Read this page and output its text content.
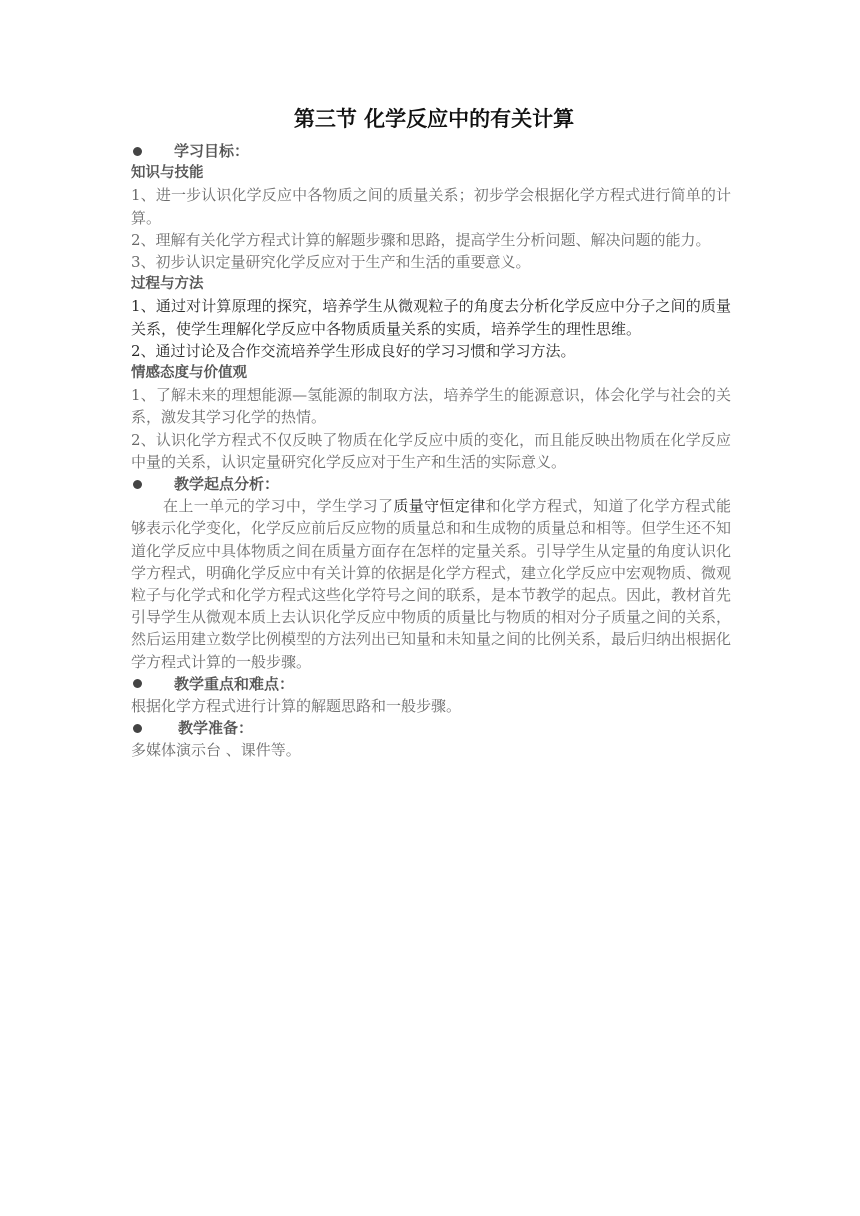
第三节 化学反应中的有关计算
学习目标：
知识与技能

1、进一步认识化学反应中各物质之间的质量关系；初步学会根据化学方程式进行简单的计算。

2、理解有关化学方程式计算的解题步骤和思路，提高学生分析问题、解决问题的能力。

3、初步认识定量研究化学反应对于生产和生活的重要意义。

过程与方法

1、通过对计算原理的探究，培养学生从微观粒子的角度去分析化学反应中分子之间的质量关系，使学生理解化学反应中各物质质量关系的实质，培养学生的理性思维。

2、通过讨论及合作交流培养学生形成良好的学习习惯和学习方法。

情感态度与价值观

1、了解未来的理想能源—氢能源的制取方法，培养学生的能源意识，体会化学与社会的关系，激发其学习化学的热情。

2、认识化学方程式不仅反映了物质在化学反应中质的变化，而且能反映出物质在化学反应中量的关系，认识定量研究化学反应对于生产和生活的实际意义。

教学起点分析：

在上一单元的学习中，学生学习了质量守恒定律和化学方程式，知道了化学方程式能够表示化学变化，化学反应前后反应物的质量总和和生成物的质量总和相等。但学生还不知道化学反应中具体物质之间在质量方面存在怎样的定量关系。引导学生从定量的角度认识化学方程式，明确化学反应中有关计算的依据是化学方程式，建立化学反应中宏观物质、微观粒子与化学式和化学方程式这些化学符号之间的联系，是本节教学的起点。因此，教材首先引导学生从微观本质上去认识化学反应中物质的质量比与物质的相对分子质量之间的关系，然后运用建立数学比例模型的方法列出已知量和未知量之间的比例关系，最后归纳出根据化学方程式计算的一般步骤。

教学重点和难点：

根据化学方程式进行计算的解题思路和一般步骤。

教学准备：

多媒体演示台 、课件等。
